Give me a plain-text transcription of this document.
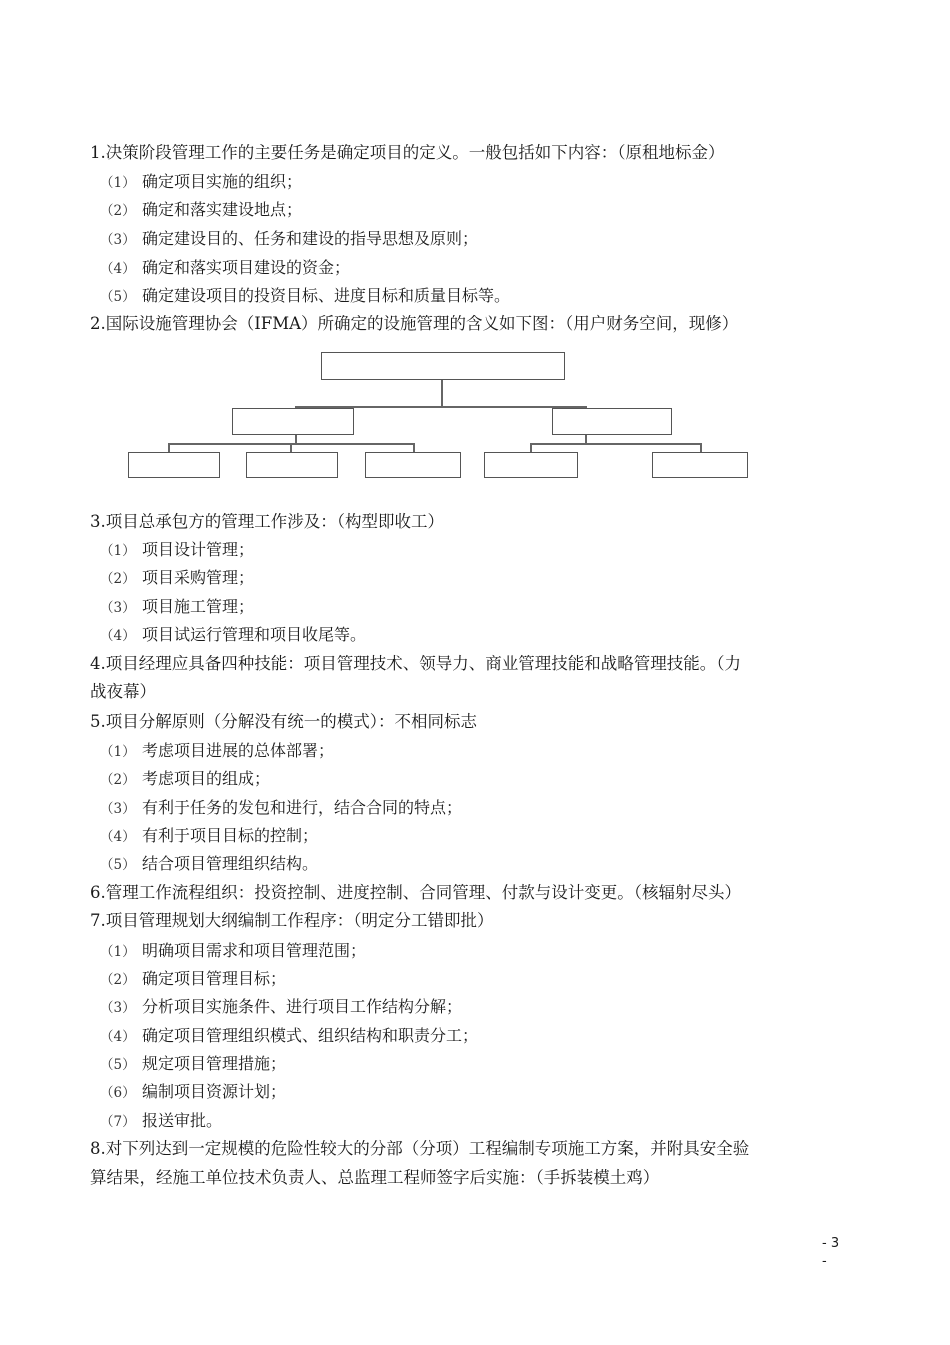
1.决策阶段管理工作的主要任务是确定项目的定义。一般包括如下内容：（原租地标金）
（1） 确定项目实施的组织；
（2） 确定和落实建设地点；
（3） 确定建设目的、任务和建设的指导思想及原则；
（4） 确定和落实项目建设的资金；
（5） 确定建设项目的投资目标、进度目标和质量目标等。
2.国际设施管理协会（IFMA）所确定的设施管理的含义如下图：（用户财务空间，现修）
3.项目总承包方的管理工作涉及：（构型即收工）
（1） 项目设计管理；
（2） 项目采购管理；
（3） 项目施工管理；
（4） 项目试运行管理和项目收尾等。
4.项目经理应具备四种技能：项目管理技术、领导力、商业管理技能和战略管理技能。（力
战夜幕）
5.项目分解原则（分解没有统一的模式）：不相同标志
（1） 考虑项目进展的总体部署；
（2） 考虑项目的组成；
（3） 有利于任务的发包和进行，结合合同的特点；
（4） 有利于项目目标的控制；
（5） 结合项目管理组织结构。
6.管理工作流程组织：投资控制、进度控制、合同管理、付款与设计变更。（核辐射尽头）
7.项目管理规划大纲编制工作程序：（明定分工错即批）
（1） 明确项目需求和项目管理范围；
（2） 确定项目管理目标；
（3） 分析项目实施条件、进行项目工作结构分解；
（4） 确定项目管理组织模式、组织结构和职责分工；
（5） 规定项目管理措施；
（6） 编制项目资源计划；
（7） 报送审批。
8.对下列达到一定规模的危险性较大的分部（分项）工程编制专项施工方案，并附具安全验
算结果，经施工单位技术负责人、总监理工程师签字后实施：（手拆装模土鸡）
- 3
-
